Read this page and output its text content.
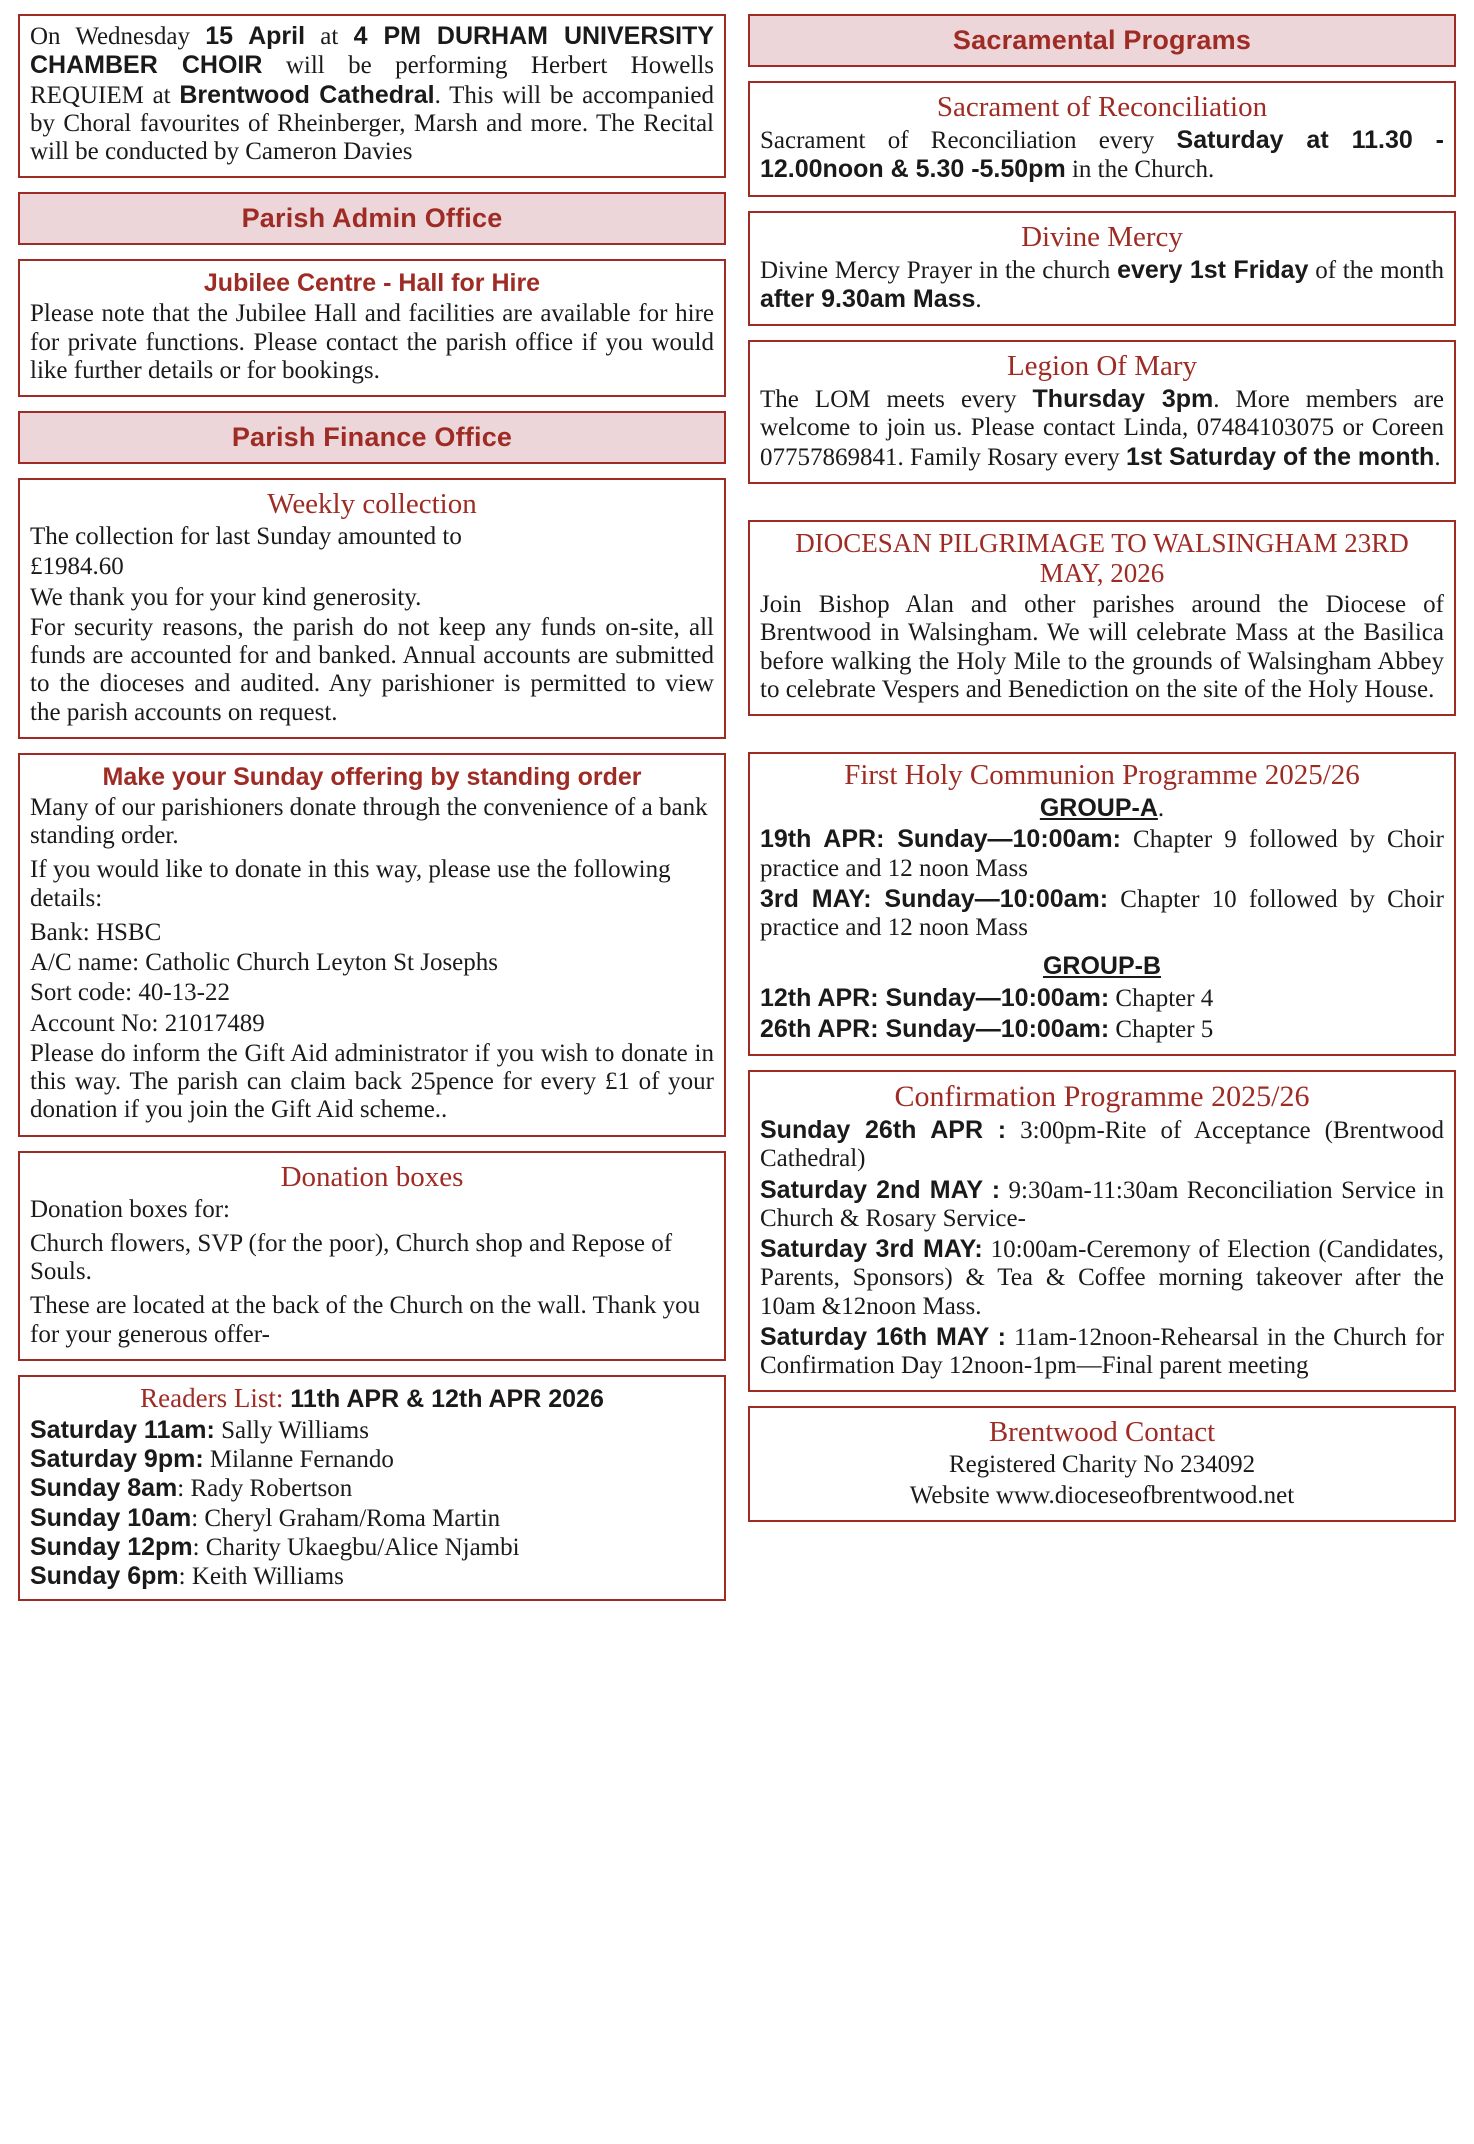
On Wednesday 15 April at 4 PM DURHAM UNIVERSITY CHAMBER CHOIR will be performing Herbert Howells REQUIEM at Brentwood Cathedral. This will be accompanied by Choral favourites of Rheinberger, Marsh and more. The Recital will be conducted by Cameron Davies

Parish Admin Office
Jubilee Centre - Hall for Hire

Please note that the Jubilee Hall and facilities are available for hire for private functions. Please contact the parish office if you would like further details or for bookings.

Parish Finance Office
Weekly collection

The collection for last Sunday amounted to

£1984.60

We thank you for your kind generosity.

For security reasons, the parish do not keep any funds on-site, all funds are accounted for and banked. Annual accounts are submitted to the dioceses and audited. Any parishioner is permitted to view the parish accounts on request.

Make your Sunday offering by standing order

Many of our parishioners donate through the convenience of a bank standing order.

If you would like to donate in this way, please use the following details:

Bank: HSBC

A/C name: Catholic Church Leyton St Josephs

Sort code: 40-13-22

Account No: 21017489

Please do inform the Gift Aid administrator if you wish to donate in this way. The parish can claim back 25pence for every £1 of your donation if you join the Gift Aid scheme..

Donation boxes

Donation boxes for:

Church flowers, SVP (for the poor), Church shop and Repose of Souls.

These are located at the back of the Church on the wall. Thank you for your generous offer-

Readers List: 11th APR & 12th APR 2026

Saturday 11am: Sally Williams

Saturday 9pm: Milanne Fernando

Sunday 8am: Rady Robertson

Sunday 10am: Cheryl Graham/Roma Martin

Sunday 12pm: Charity Ukaegbu/Alice Njambi

Sunday 6pm: Keith Williams

Sacramental Programs
Sacrament of Reconciliation

Sacrament of Reconciliation every Saturday at 11.30 - 12.00noon & 5.30 -5.50pm in the Church.

Divine Mercy

Divine Mercy Prayer in the church every 1st Friday of the month after 9.30am Mass.

Legion Of Mary

The LOM meets every Thursday 3pm. More members are welcome to join us. Please contact Linda, 07484103075 or Coreen 07757869841. Family Rosary every 1st Saturday of the month.

DIOCESAN PILGRIMAGE TO WALSINGHAM 23RD MAY, 2026

Join Bishop Alan and other parishes around the Diocese of Brentwood in Walsingham. We will celebrate Mass at the Basilica before walking the Holy Mile to the grounds of Walsingham Abbey to celebrate Vespers and Benediction on the site of the Holy House.

First Holy Communion Programme 2025/26

GROUP-A.

19th APR: Sunday—10:00am: Chapter 9 followed by Choir practice and 12 noon Mass

3rd MAY: Sunday—10:00am: Chapter 10 followed by Choir practice and 12 noon Mass

GROUP-B

12th APR: Sunday—10:00am: Chapter 4

26th APR: Sunday—10:00am: Chapter 5

Confirmation Programme 2025/26

Sunday 26th APR : 3:00pm-Rite of Acceptance (Brentwood Cathedral)

Saturday 2nd MAY : 9:30am-11:30am Reconciliation Service in Church & Rosary Service-

Saturday 3rd MAY: 10:00am-Ceremony of Election (Candidates, Parents, Sponsors) & Tea & Coffee morning takeover after the 10am &12noon Mass.

Saturday 16th MAY : 11am-12noon-Rehearsal in the Church for Confirmation Day 12noon-1pm—Final parent meeting

Brentwood Contact

Registered Charity No 234092

Website www.dioceseofbrentwood.net
